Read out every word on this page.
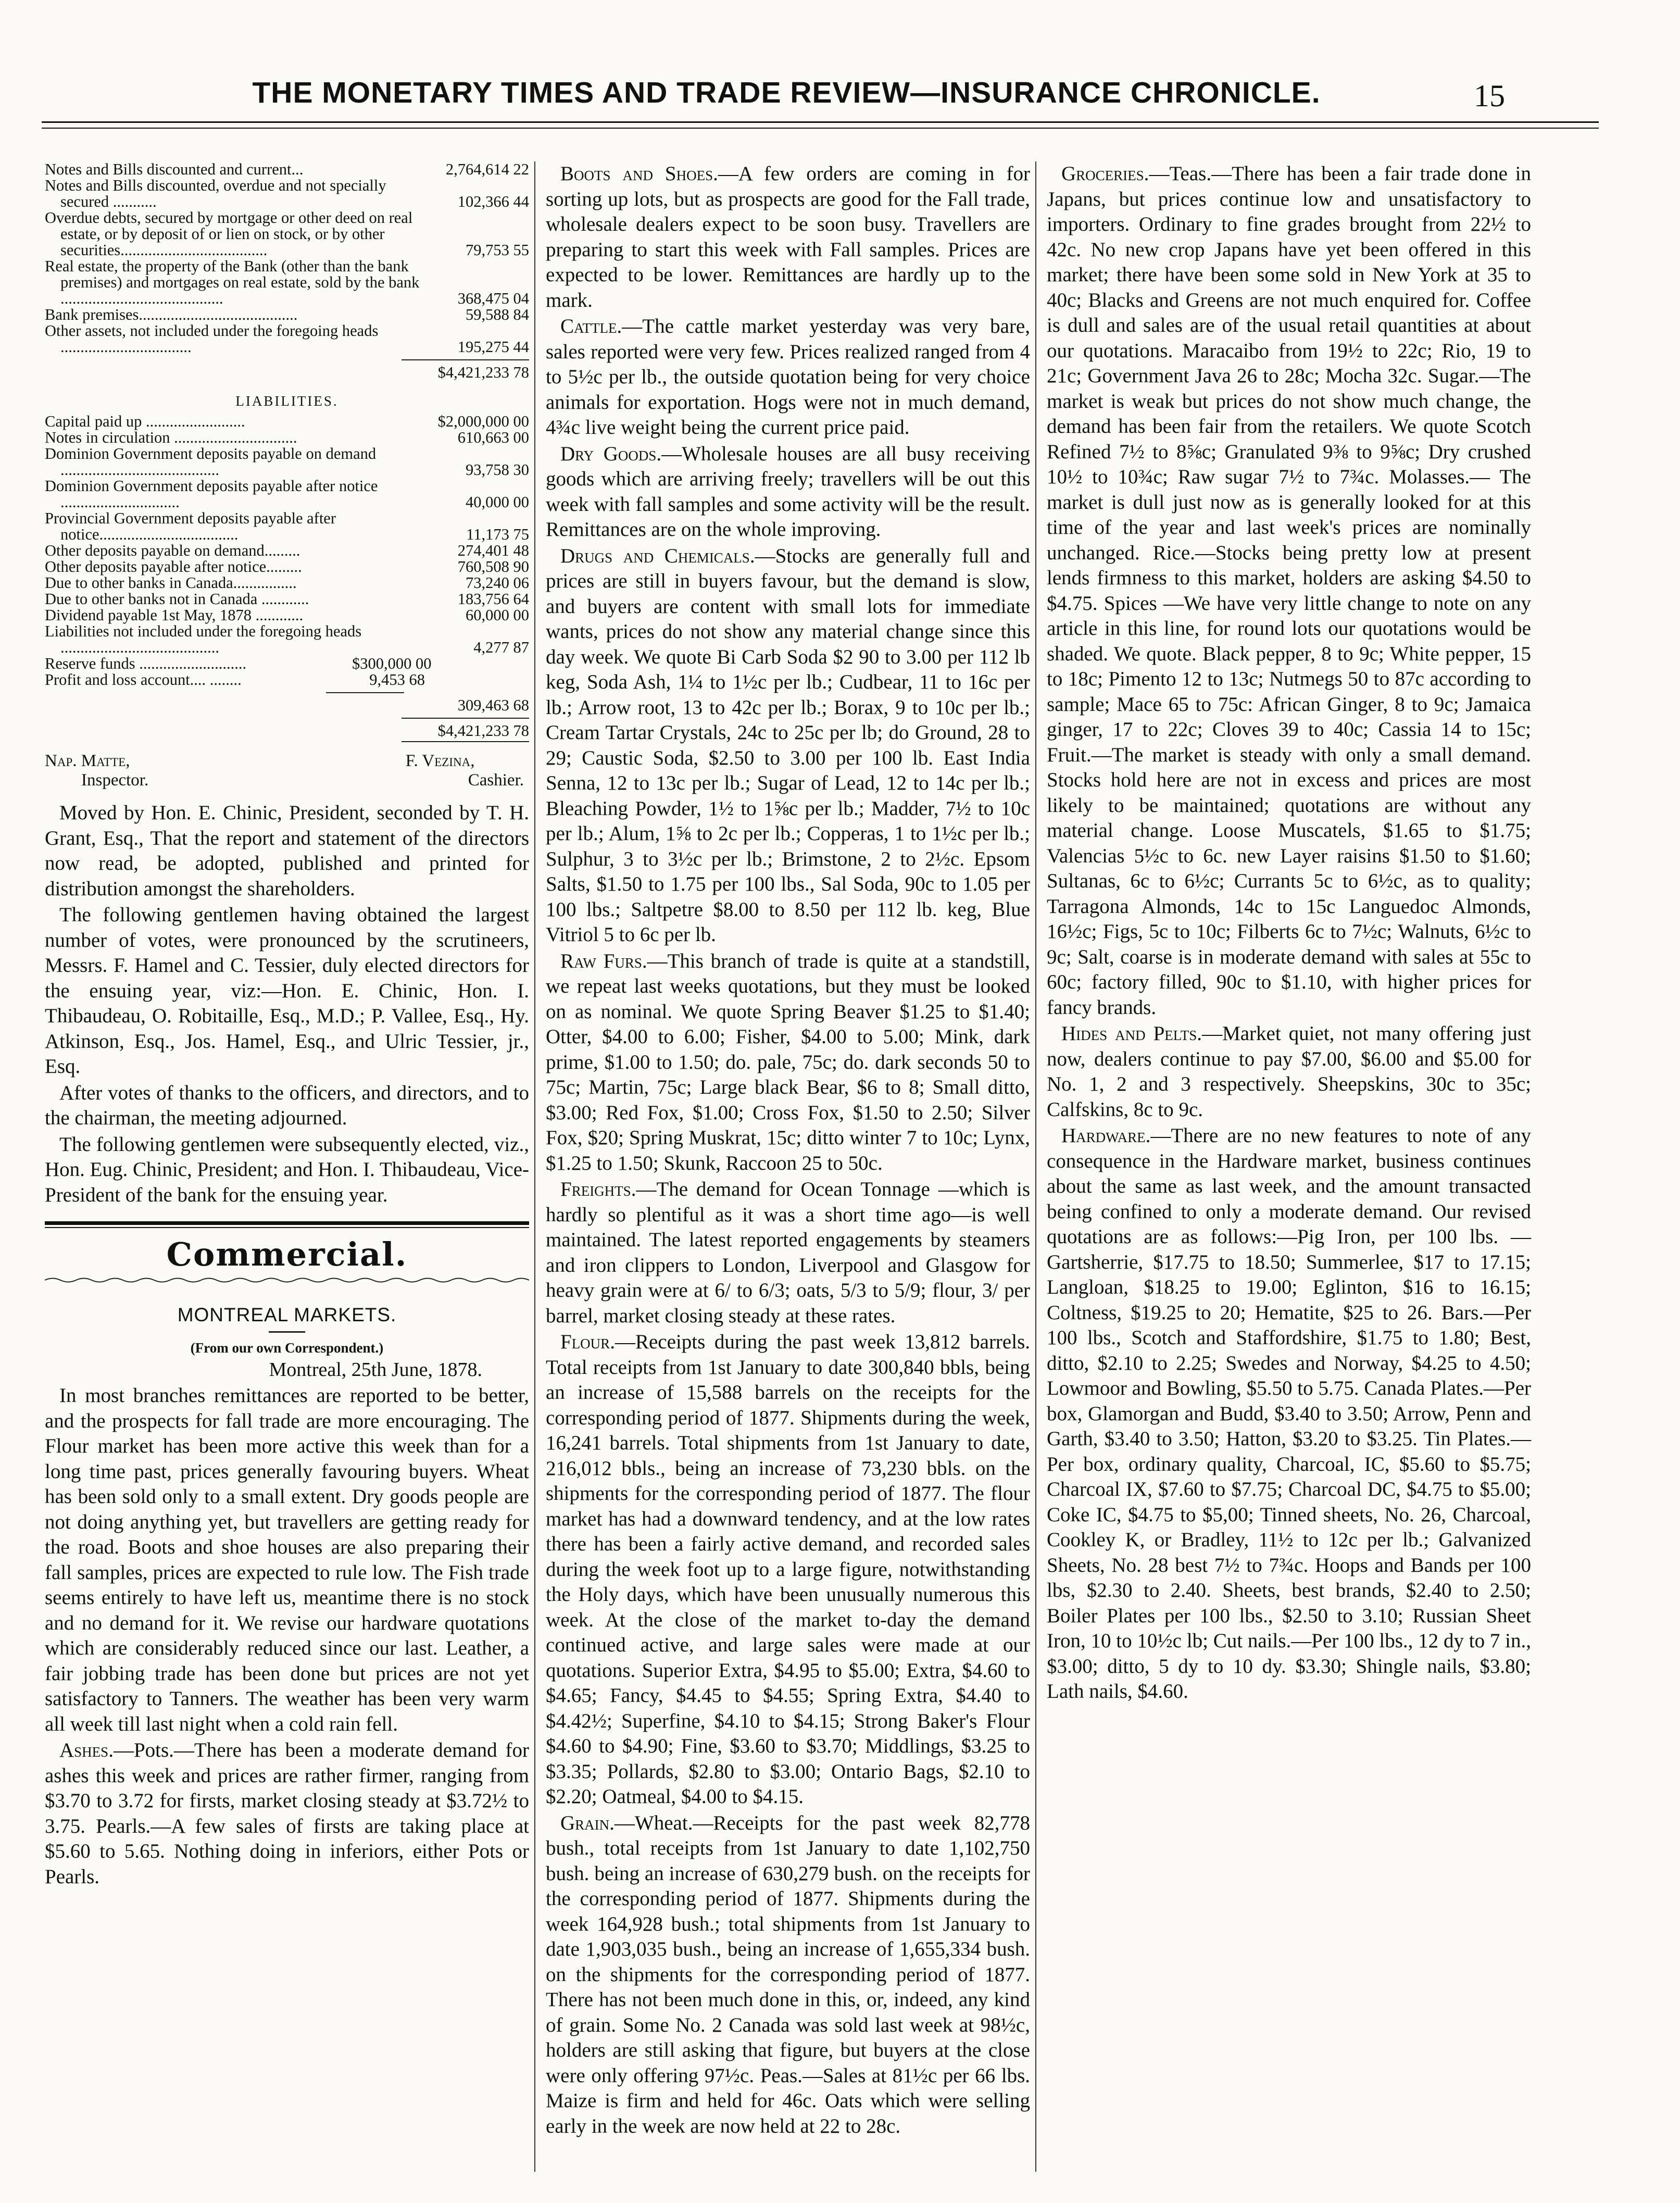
THE MONETARY TIMES AND TRADE REVIEW—INSURANCE CHRONICLE.	15
Notes and Bills discounted and current...	2,764,614 22
Notes and Bills discounted, overdue and not specially secured ...........	102,366 44
Overdue debts, secured by mortgage or other deed on real estate, or by deposit of or lien on stock, or by other securities.....................................	79,753 55
Real estate, the property of the Bank (other than the bank premises) and mortgages on real estate, sold by the bank .........................................	368,475 04
Bank premises........................................	59,588 84
Other assets, not included under the foregoing heads .................................	195,275 44
$4,421,233 78
LIABILITIES.
Capital paid up .........................	$2,000,000 00
Notes in circulation ...............................	610,663 00
Dominion Government deposits payable on demand ........................................	93,758 30
Dominion Government deposits payable after notice ..............................	40,000 00
Provincial Government deposits payable after notice...................................	11,173 75
Other deposits payable on demand.........	274,401 48
Other deposits payable after notice.........	760,508 90
Due to other banks in Canada................	73,240 06
Due to other banks not in Canada ............	183,756 64
Dividend payable 1st May, 1878 ............	60,000 00
Liabilities not included under the foregoing heads ........................................	4,277 87
Reserve funds ...........................	$300,000 00
Profit and loss account.... ........	9,453 68
309,463 68
$4,421,233 78
Nap. Matte,
Inspector.
F. Vezina,
Cashier.

Moved by Hon. E. Chinic, President, seconded by T. H. Grant, Esq., That the report and statement of the directors now read, be adopted, published and printed for distribution amongst the shareholders.

The following gentlemen having obtained the largest number of votes, were pronounced by the scrutineers, Messrs. F. Hamel and C. Tessier, duly elected directors for the ensuing year, viz:—Hon. E. Chinic, Hon. I. Thibaudeau, O. Robitaille, Esq., M.D.; P. Vallee, Esq., Hy. Atkinson, Esq., Jos. Hamel, Esq., and Ulric Tessier, jr., Esq.

After votes of thanks to the officers, and directors, and to the chairman, the meeting adjourned.

The following gentlemen were subsequently elected, viz., Hon. Eug. Chinic, President; and Hon. I. Thibaudeau, Vice-President of the bank for the ensuing year.

Commercial.
MONTREAL MARKETS.
(From our own Correspondent.)
Montreal, 25th June, 1878.

In most branches remittances are reported to be better, and the prospects for fall trade are more encouraging. The Flour market has been more active this week than for a long time past, prices generally favouring buyers. Wheat has been sold only to a small extent. Dry goods people are not doing anything yet, but travellers are getting ready for the road. Boots and shoe houses are also preparing their fall samples, prices are expected to rule low. The Fish trade seems entirely to have left us, meantime there is no stock and no demand for it. We revise our hardware quotations which are considerably reduced since our last. Leather, a fair jobbing trade has been done but prices are not yet satisfactory to Tanners. The weather has been very warm all week till last night when a cold rain fell.

Ashes.—Pots.—There has been a moderate demand for ashes this week and prices are rather firmer, ranging from $3.70 to 3.72 for firsts, market closing steady at $3.72½ to 3.75. Pearls.—A few sales of firsts are taking place at $5.60 to 5.65. Nothing doing in inferiors, either Pots or Pearls.

Boots and Shoes.—A few orders are coming in for sorting up lots, but as prospects are good for the Fall trade, wholesale dealers expect to be soon busy. Travellers are preparing to start this week with Fall samples. Prices are expected to be lower. Remittances are hardly up to the mark.

Cattle.—The cattle market yesterday was very bare, sales reported were very few. Prices realized ranged from 4 to 5½c per lb., the outside quotation being for very choice animals for exportation. Hogs were not in much demand, 4¾c live weight being the current price paid.

Dry Goods.—Wholesale houses are all busy receiving goods which are arriving freely; travellers will be out this week with fall samples and some activity will be the result. Remittances are on the whole improving.

Drugs and Chemicals.—Stocks are generally full and prices are still in buyers favour, but the demand is slow, and buyers are content with small lots for immediate wants, prices do not show any material change since this day week. We quote Bi Carb Soda $2 90 to 3.00 per 112 lb keg, Soda Ash, 1¼ to 1½c per lb.; Cudbear, 11 to 16c per lb.; Arrow root, 13 to 42c per lb.; Borax, 9 to 10c per lb.; Cream Tartar Crystals, 24c to 25c per lb; do Ground, 28 to 29; Caustic Soda, $2.50 to 3.00 per 100 lb. East India Senna, 12 to 13c per lb.; Sugar of Lead, 12 to 14c per lb.; Bleaching Powder, 1½ to 1⅝c per lb.; Madder, 7½ to 10c per lb.; Alum, 1⅝ to 2c per lb.; Copperas, 1 to 1½c per lb.; Sulphur, 3 to 3½c per lb.; Brimstone, 2 to 2½c. Epsom Salts, $1.50 to 1.75 per 100 lbs., Sal Soda, 90c to 1.05 per 100 lbs.; Saltpetre $8.00 to 8.50 per 112 lb. keg, Blue Vitriol 5 to 6c per lb.

Raw Furs.—This branch of trade is quite at a standstill, we repeat last weeks quotations, but they must be looked on as nominal. We quote Spring Beaver $1.25 to $1.40; Otter, $4.00 to 6.00; Fisher, $4.00 to 5.00; Mink, dark prime, $1.00 to 1.50; do. pale, 75c; do. dark seconds 50 to 75c; Martin, 75c; Large black Bear, $6 to 8; Small ditto, $3.00; Red Fox, $1.00; Cross Fox, $1.50 to 2.50; Silver Fox, $20; Spring Muskrat, 15c; ditto winter 7 to 10c; Lynx, $1.25 to 1.50; Skunk, Raccoon 25 to 50c.

Freights.—The demand for Ocean Tonnage —which is hardly so plentiful as it was a short time ago—is well maintained. The latest reported engagements by steamers and iron clippers to London, Liverpool and Glasgow for heavy grain were at 6/ to 6/3; oats, 5/3 to 5/9; flour, 3/ per barrel, market closing steady at these rates.

Flour.—Receipts during the past week 13,812 barrels. Total receipts from 1st January to date 300,840 bbls, being an increase of 15,588 barrels on the receipts for the corresponding period of 1877. Shipments during the week, 16,241 barrels. Total shipments from 1st January to date, 216,012 bbls., being an increase of 73,230 bbls. on the shipments for the corresponding period of 1877. The flour market has had a downward tendency, and at the low rates there has been a fairly active demand, and recorded sales during the week foot up to a large figure, notwithstanding the Holy days, which have been unusually numerous this week. At the close of the market to-day the demand continued active, and large sales were made at our quotations. Superior Extra, $4.95 to $5.00; Extra, $4.60 to $4.65; Fancy, $4.45 to $4.55; Spring Extra, $4.40 to $4.42½; Superfine, $4.10 to $4.15; Strong Baker's Flour $4.60 to $4.90; Fine, $3.60 to $3.70; Middlings, $3.25 to $3.35; Pollards, $2.80 to $3.00; Ontario Bags, $2.10 to $2.20; Oatmeal, $4.00 to $4.15.

Grain.—Wheat.—Receipts for the past week 82,778 bush., total receipts from 1st January to date 1,102,750 bush. being an increase of 630,279 bush. on the receipts for the corresponding period of 1877. Shipments during the week 164,928 bush.; total shipments from 1st January to date 1,903,035 bush., being an increase of 1,655,334 bush. on the shipments for the corresponding period of 1877. There has not been much done in this, or, indeed, any kind of grain. Some No. 2 Canada was sold last week at 98½c, holders are still asking that figure, but buyers at the close were only offering 97½c. Peas.—Sales at 81½c per 66 lbs. Maize is firm and held for 46c. Oats which were selling early in the week are now held at 22 to 28c.

Groceries.—Teas.—There has been a fair trade done in Japans, but prices continue low and unsatisfactory to importers. Ordinary to fine grades brought from 22½ to 42c. No new crop Japans have yet been offered in this market; there have been some sold in New York at 35 to 40c; Blacks and Greens are not much enquired for. Coffee is dull and sales are of the usual retail quantities at about our quotations. Maracaibo from 19½ to 22c; Rio, 19 to 21c; Government Java 26 to 28c; Mocha 32c. Sugar.—The market is weak but prices do not show much change, the demand has been fair from the retailers. We quote Scotch Refined 7½ to 8⅝c; Granulated 9⅜ to 9⅝c; Dry crushed 10½ to 10¾c; Raw sugar 7½ to 7¾c. Molasses.— The market is dull just now as is generally looked for at this time of the year and last week's prices are nominally unchanged. Rice.—Stocks being pretty low at present lends firmness to this market, holders are asking $4.50 to $4.75. Spices —We have very little change to note on any article in this line, for round lots our quotations would be shaded. We quote. Black pepper, 8 to 9c; White pepper, 15 to 18c; Pimento 12 to 13c; Nutmegs 50 to 87c according to sample; Mace 65 to 75c: African Ginger, 8 to 9c; Jamaica ginger, 17 to 22c; Cloves 39 to 40c; Cassia 14 to 15c; Fruit.—The market is steady with only a small demand. Stocks hold here are not in excess and prices are most likely to be maintained; quotations are without any material change. Loose Muscatels, $1.65 to $1.75; Valencias 5½c to 6c. new Layer raisins $1.50 to $1.60; Sultanas, 6c to 6½c; Currants 5c to 6½c, as to quality; Tarragona Almonds, 14c to 15c Languedoc Almonds, 16½c; Figs, 5c to 10c; Filberts 6c to 7½c; Walnuts, 6½c to 9c; Salt, coarse is in moderate demand with sales at 55c to 60c; factory filled, 90c to $1.10, with higher prices for fancy brands.

Hides and Pelts.—Market quiet, not many offering just now, dealers continue to pay $7.00, $6.00 and $5.00 for No. 1, 2 and 3 respectively. Sheepskins, 30c to 35c; Calfskins, 8c to 9c.

Hardware.—There are no new features to note of any consequence in the Hardware market, business continues about the same as last week, and the amount transacted being confined to only a moderate demand. Our revised quotations are as follows:—Pig Iron, per 100 lbs. —Gartsherrie, $17.75 to 18.50; Summerlee, $17 to 17.15; Langloan, $18.25 to 19.00; Eglinton, $16 to 16.15; Coltness, $19.25 to 20; Hematite, $25 to 26. Bars.—Per 100 lbs., Scotch and Staffordshire, $1.75 to 1.80; Best, ditto, $2.10 to 2.25; Swedes and Norway, $4.25 to 4.50; Lowmoor and Bowling, $5.50 to 5.75. Canada Plates.—Per box, Glamorgan and Budd, $3.40 to 3.50; Arrow, Penn and Garth, $3.40 to 3.50; Hatton, $3.20 to $3.25. Tin Plates.—Per box, ordinary quality, Charcoal, IC, $5.60 to $5.75; Charcoal IX, $7.60 to $7.75; Charcoal DC, $4.75 to $5.00; Coke IC, $4.75 to $5,00; Tinned sheets, No. 26, Charcoal, Cookley K, or Bradley, 11½ to 12c per lb.; Galvanized Sheets, No. 28 best 7½ to 7¾c. Hoops and Bands per 100 lbs, $2.30 to 2.40. Sheets, best brands, $2.40 to 2.50; Boiler Plates per 100 lbs., $2.50 to 3.10; Russian Sheet Iron, 10 to 10½c lb; Cut nails.—Per 100 lbs., 12 dy to 7 in., $3.00; ditto, 5 dy to 10 dy. $3.30; Shingle nails, $3.80; Lath nails, $4.60.
